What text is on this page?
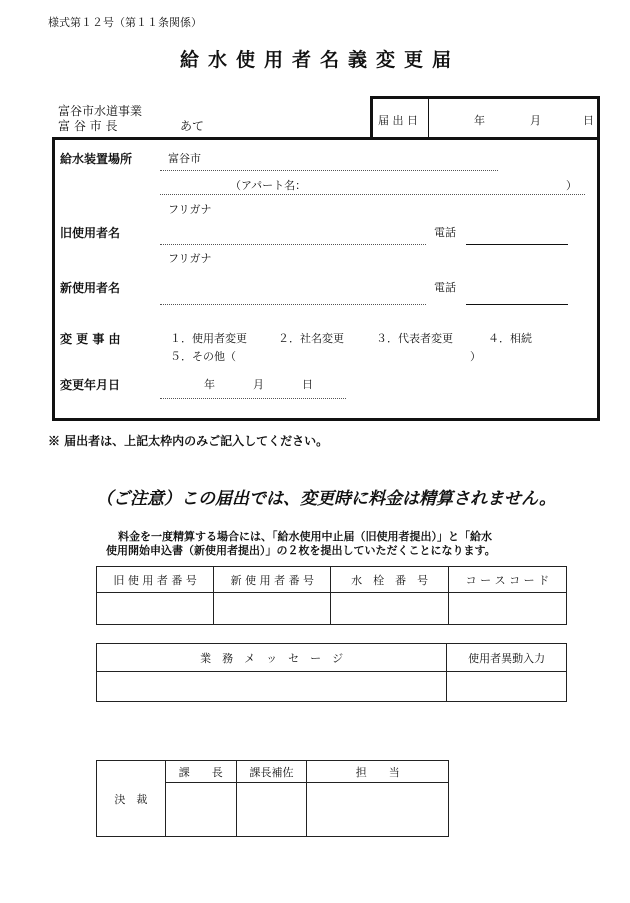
様式第１２号（第１１条関係）
給水使用者名義変更届
富谷市水道事業
富 谷 市 長	あて	届 出 日	年	月	日
給水装置場所	富谷市
（アパート名：	）
フリガナ
旧使用者名	電話
フリガナ
新使用者名	電話
変 更 事 由	１．使用者変更	２．社名変更	３．代表者変更	４．相続
５．その他（	）
変更年月日	年	月	日
※ 届出者は、上記太枠内のみご記入してください。
（ご注意）この届出では、変更時に料金は精算されません。
料金を一度精算する場合には、「給水使用中止届（旧使用者提出）」と「給水
使用開始申込書（新使用者提出）」の２枚を提出していただくことになります。
旧 使 用 者 番 号	新 使 用 者 番 号	水　栓　番　号	コ ー ス コ ー ド

業　務　メ　ッ　セ　ー　ジ	使用者異動入力

決　裁	課　　長	課長補佐	担　　当
